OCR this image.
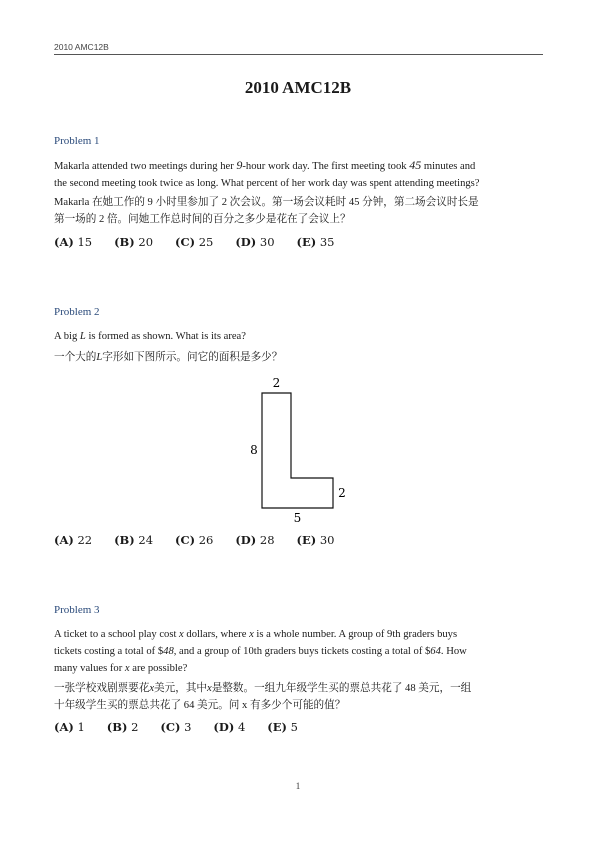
2010 AMC12B
2010 AMC12B
Problem 1
Makarla attended two meetings during her 9-hour work day. The first meeting took 45 minutes and
the second meeting took twice as long. What percent of her work day was spent attending meetings?
Makarla 在她工作的 9 小时里参加了 2 次会议。第一场会议耗时 45 分钟，第二场会议时长是
第一场的 2 倍。问她工作总时间的百分之多少是花在了会议上？
(A) 15 (B) 20 (C) 25 (D) 30 (E) 35
Problem 2
A big L is formed as shown. What is its area?
一个大的L字形如下图所示。问它的面积是多少？
2
8
2
5
(A) 22 (B) 24 (C) 26 (D) 28 (E) 30
Problem 3
A ticket to a school play cost x dollars, where x is a whole number. A group of 9th graders buys
tickets costing a total of $48, and a group of 10th graders buys tickets costing a total of $64. How
many values for x are possible?
一张学校戏剧票要花x美元，其中x是整数。一组九年级学生买的票总共花了 48 美元，一组
十年级学生买的票总共花了 64 美元。问 x 有多少个可能的值？
(A) 1 (B) 2 (C) 3 (D) 4 (E) 5
1
